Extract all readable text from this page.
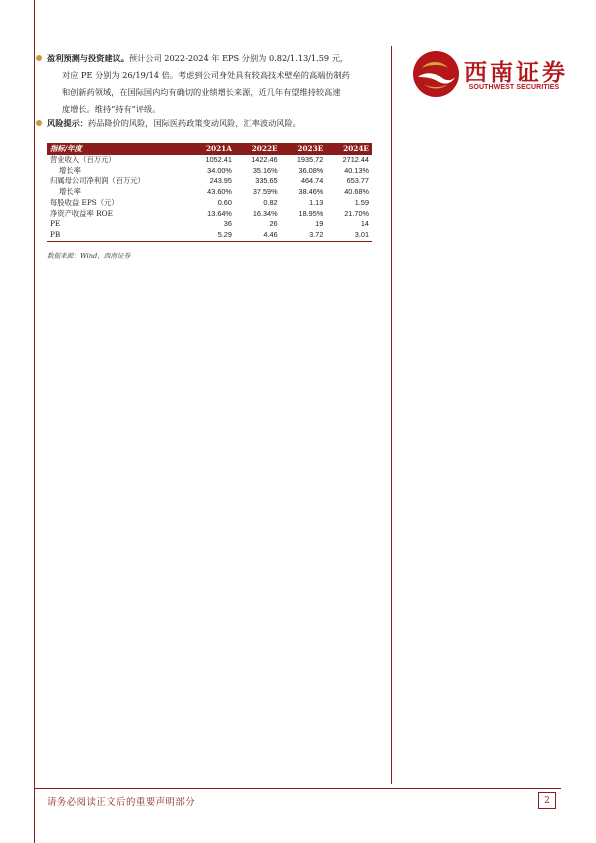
西南证券
SOUTHWEST SECURITIES
盈利预测与投资建议。预计公司 2022-2024 年 EPS 分别为 0.82/1.13/1.59 元，
对应 PE 分别为 26/19/14 倍。考虑到公司身处具有较高技术壁垒的高端仿制药
和创新药领域，在国际国内均有确切的业绩增长来源，近几年有望维持较高速
度增长。维持“持有”评级。
风险提示：药品降价的风险，国际医药政策变动风险，汇率波动风险。
指标/年度	2021A	2022E	2023E	2024E
营业收入（百万元）	1052.41	1422.46	1935.72	2712.44
增长率	34.00%	35.16%	36.08%	40.13%
归属母公司净利润（百万元）	243.95	335.65	464.74	653.77
增长率	43.60%	37.59%	38.46%	40.68%
每股收益 EPS（元）	0.60	0.82	1.13	1.59
净资产收益率 ROE	13.64%	16.34%	18.95%	21.70%
PE	36	26	19	14
PB	5.29	4.46	3.72	3.01
数据来源：Wind，西南证券
请务必阅读正文后的重要声明部分	2
